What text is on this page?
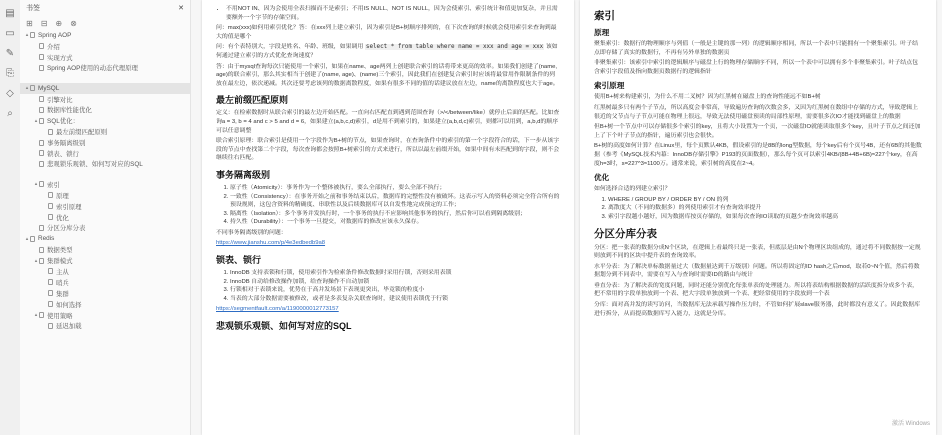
▤
▭
✎
⎘
◇
⌕
书签	✕
⊞ ⊟ ⊕ ⊗
▴ Spring AOP
介绍
实现方式
Spring AOP使用的动态代理原理
▴ MySQL
引擎对比
数据库性能优化
▴ SQL优化：
最左前缀匹配原则
事务隔离级别
锁表、锁行
悲观锁乐观锁、如何写对应的SQL
▴ 索引
原理
索引原理
优化
分区分库分表
▴ Redis
数据类型
▴ 集群模式
主从
哨兵
集群
如何选择
▴ 使用策略
延迟加载
• 不用NOT IN、因为会使用全表扫描而不是索引；不用IS NULL、NOT IS NULL，因为会使索引、索引统计和值更加复杂，并且需要额外一个字节的存储空间。

问：max(xxx)如何用索引优化？答：在xxx列上建立索引，因为索引是B+树顺序排列的，在下次查询的时候就会使用索引来查询到最大的值是哪个

问：有个表特别大，字段是姓名、年龄、班级，如果调用 select * from table where name = xxx and age = xxx 该如何通过建立索引的方式优化查询速度？

答：由于mysql查询每次只能使用一个索引，如果在name、age两列上创建联合索引的话将带来更高的效率。如果我们创建了(name, age)的联合索引，那么其实相当于创建了(name, age)、(name)三个索引，因此我们在创建复合索引时应该将最常用作限制条件的列放在最左边，依次递减。其次还要考虑该列的数据离散程度，如果有很多不同的值的话建议放在左边，name的离散程度也大于age。

最左前缀匹配原则

定义：在检索数据时从联合索引的最左边开始匹配。一直向右匹配直到遇到范围查询（>/</between/like）就停止后面的匹配。比如查询a = 3, b = 4 and c > 5 and d = 6，如果建立(a,b,c,d)索引，d是用不到索引的，如果建立(a,b,d,c)索引，则都可以用到，a,b,d的顺序可以任意调整

联合索引原理：联合索引是使用一个字段作为B+树的节点，如果查询时，在查询条件中的索引的第一个字段符合的话，下一步从该字段的节点中查找第二个字段，每次查询都会按照B+树索引的方式来进行，所以以最左前缀开始，如果中间有未匹配到的字段，则不会继续往右匹配。

事务隔离级别
1. 原子性（Atomicity）：事务作为一个整体被执行，要么全部执行，要么全部不执行；
2. 一致性（Consistency）：在事务开始之前和事务结束以后，数据库的完整性没有被破坏。这表示写入的资料必须完全符合所有的预设规则，这包含资料的精确度、串联性以及后续数据库可以自发性地完成预定的工作；
3. 隔离性（Isolation）：多个事务并发执行时，一个事务的执行不应影响其他事务的执行，然后你可以看到隔离级别；
4. 持久性（Durability）：一个事务一旦提交，对数据库的修改应该永久保存。

不同事务隔离级别的问题：

https://www.jianshu.com/p/4e3edbedb9a8
锁表、锁行
1. InnoDB 支持表锁和行锁，使用索引作为检索条件修改数据时采用行锁，否则采用表锁
2. InnoDB 自动给修改操作加锁，给查询操作不自动加锁
3. 行锁相对于表锁来说，优势在于高并发场景下表现更突出，毕竟锁的粒度小
4. 当表的大部分数据需要被修改，或者是多表复杂关联查询时，建议使用表锁优于行锁
https://segmentfault.com/a/1190000012773157
悲观锁乐观锁、如何写对应的SQL
索引
原理

聚集索引：数据行的物理顺序与列值（一般是主键的那一列）的逻辑顺序相同，所以一个表中只能拥有一个聚集索引。叶子结点即存储了真实的数据行，不再有另外单独的数据页

非聚集索引：该索引中索引的逻辑顺序与磁盘上行的物理存储顺序不同，所以一个表中可以拥有多个非聚集索引。叶子结点包含索引字段值及指向数据页数据行的逻辑指针

索引原理

使用B+树来构建索引，为什么不用二叉树？因为红黑树在磁盘上的查询性能远不如B+树

红黑树最多只有两个子节点，所以高度会非常高，导致遍历查询的次数会多，又因为红黑树在数组中存储的方式，导致逻辑上很近的父节点与子节点可能在物理上很远，导致无法使用磁盘预读的局部性原理，需要很多次IO才能找到磁盘上的数据

但B+树一个节点中可以存储很多个索引的key，且将大小设置为一个页，一次磁盘IO就能读取很多个key，且叶子节点之间还加上了下个叶子节点的指针，遍历索引也会很快。

B+树的高度如何计算？在Linux里，每个页默认4KB，假设索引的是8B的long型数据，每个key后有个页号4B，还有6B的其他数据（参考《MySQL技术内幕：InnoDB存储引擎》P193的页面数据），那么每个页可以索引4KB/(8B+4B+6B)≈227个key，在高度h=3时，s=227^3≈1100万。通常来说，索引树的高度在2~4。

优化

如何选择合适的列建立索引？

1. WHERE / GROUP BY / ORDER BY / ON 的列
2. 离散度大（不同的数据多）的列使用索引才有查询效率提升
3. 索引字段越小越好，因为数据库按页存储的，如果每次查询IO读取的页越少查询效率越高
分区分库分表

分区：把一张表的数据分成N个区块，在逻辑上看最终只是一张表，但底层是由N个物理区块组成的，通过将不同数据按一定规则放到不同的区块中提升表的查询效率。

水平分表：为了解决单标数据量过大（数据量达到千万级别）问题。所以将固定的ID hash之后mod，取若0~N个值，然后将数据划分到不同表中，需要在写入与查询时需要ID的路由与统计

垂直分表：为了解决表的宽度问题，同时还能分别优化每张单表的处理能力。所以将表结构根据数据的活跃度拆分成多个表，把不常用的字段单独放到一个表、把大字段单独放到一个表、把经常使用的字段放到一个表

分库：面对高并发的读写访问，当数据库无法承载写操作压力时，不管如何扩展slave服务器，此时都没有意义了。因此数据库进行拆分，从而提高数据库写入能力，这就是分库。

激活 Windows
